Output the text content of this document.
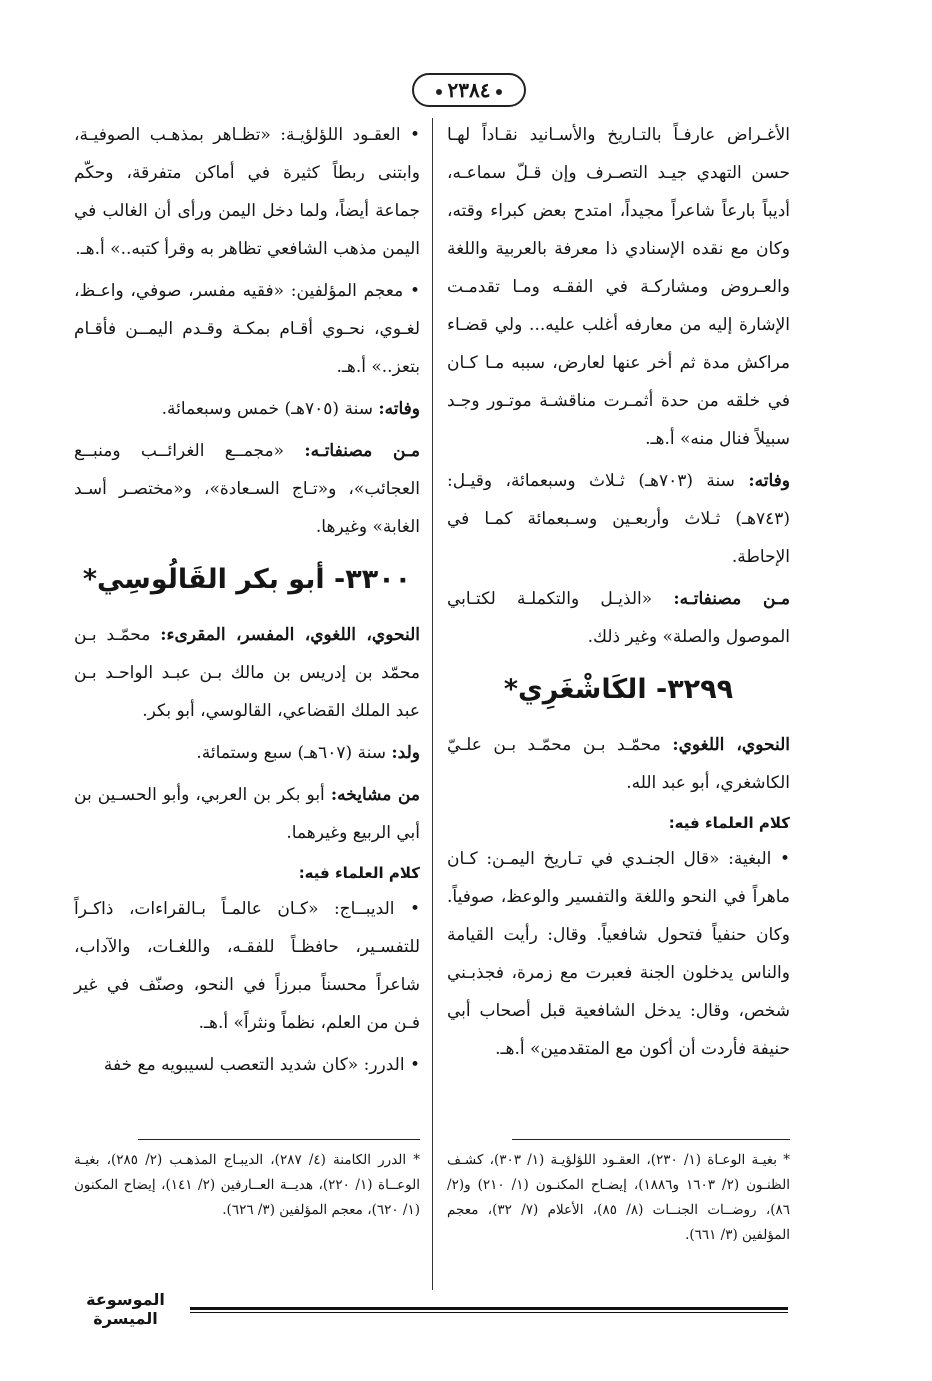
٢٣٨٤

الأغـراض عارفـاً بالتـاريخ والأسـانيد نقـاداً لهـا حسن التهدي جيـد التصـرف وإن قـلّ سماعـه، أديباً بارعاً شاعراً مجيداً، امتدح بعض كبراء وقته، وكان مع نقده الإسنادي ذا معرفة بالعربية واللغة والعـروض ومشاركـة في الفقـه ومـا تقدمـت الإشارة إليه من معارفه أغلب عليه... ولي قضـاء مراكش مدة ثم أخر عنها لعارض، سببه مـا كـان في خلقه من حدة أثمـرت مناقشـة موتـور وجـد سبيلاً فنال منه» أ.هـ.

وفاته: سنة (٧٠٣هـ) ثـلاث وسبعمائة، وقيـل: (٧٤٣هـ) ثـلاث وأربعـين وسـبعمائة كمـا في الإحاطة.

مـن مصنفاتـه: «الذيـل والتكملـة لكتـابي الموصول والصلة» وغير ذلك.

٣٢٩٩- الكَاشْغَرِي*

النحوي، اللغوي: محمّـد بـن محمّـد بـن علـيّ الكاشغري، أبو عبد الله.

كلام العلماء فيه:

• البغية: «قال الجنـدي في تـاريخ اليمـن: كـان ماهراً في النحو واللغة والتفسير والوعظ، صوفياً. وكان حنفياً فتحول شافعياً. وقال: رأيت القيامة والناس يدخلون الجنة فعبرت مع زمرة، فجذبـني شخص، وقال: يدخل الشافعية قبل أصحاب أبي حنيفة فأردت أن أكون مع المتقدمين» أ.هـ.

• العقـود اللؤلؤيـة: «تظـاهر بمذهـب الصوفيـة، وابتنى ربطاً كثيرة في أماكن متفرقة، وحكّم جماعة أيضاً، ولما دخل اليمن ورأى أن الغالب في اليمن مذهب الشافعي تظاهر به وقرأ كتبه..» أ.هـ.

• معجم المؤلفين: «فقيه مفسر، صوفي، واعـظ، لغـوي، نحـوي أقـام بمكـة وقـدم اليمــن فأقـام بتعز..» أ.هـ.

وفاته: سنة (٧٠٥هـ) خمس وسبعمائة.

مـن مصنفاتـه: «مجمــع الغرائــب ومنبــع العجائب»، و«تـاج السـعادة»، و«مختصـر أسـد الغابة» وغيرها.

٣٣٠٠- أبو بكر القَالُوسِي*

النحوي، اللغوي، المفسر، المقرىء: محمّـد بـن محمّد بن إدريس بن مالك بـن عبـد الواحـد بـن عبد الملك القضاعي، القالوسي، أبو بكر.

ولد: سنة (٦٠٧هـ) سبع وستمائة.

من مشايخه: أبو بكر بن العربي، وأبو الحسـين بن أبي الربيع وغيرهما.

كلام العلماء فيه:

• الديبــاج: «كـان عالمـاً بـالقراءات، ذاكـراً للتفسـير، حافظـاً للفقـه، واللغـات، والآداب، شاعراً محسناً مبرزاً في النحو، وصنّف في غير فـن من العلم، نظماً ونثراً» أ.هـ.

• الدرر: «كان شديد التعصب لسيبويه مع خفة

* بغيـة الوعـاة (١/ ٢٣٠)، العقـود اللؤلؤيـة (١/ ٣٠٣)، كشـف الظنـون (٢/ ١٦٠٣ و١٨٨٦)، إيضـاح المكنـون (١/ ٢١٠) و(٢/ ٨٦)، روضــات الجنــات (٨/ ٨٥)، الأعلام (٧/ ٣٢)، معجم المؤلفين (٣/ ٦٦١).
* الدرر الكامنة (٤/ ٢٨٧)، الديبـاج المذهـب (٢/ ٢٨٥)، بغيـة الوعــاة (١/ ٢٢٠)، هديــة العــارفين (٢/ ١٤١)، إيضاح المكنون (١/ ٦٢٠)، معجم المؤلفين (٣/ ٦٢٦).
الموسوعة الميسرة
